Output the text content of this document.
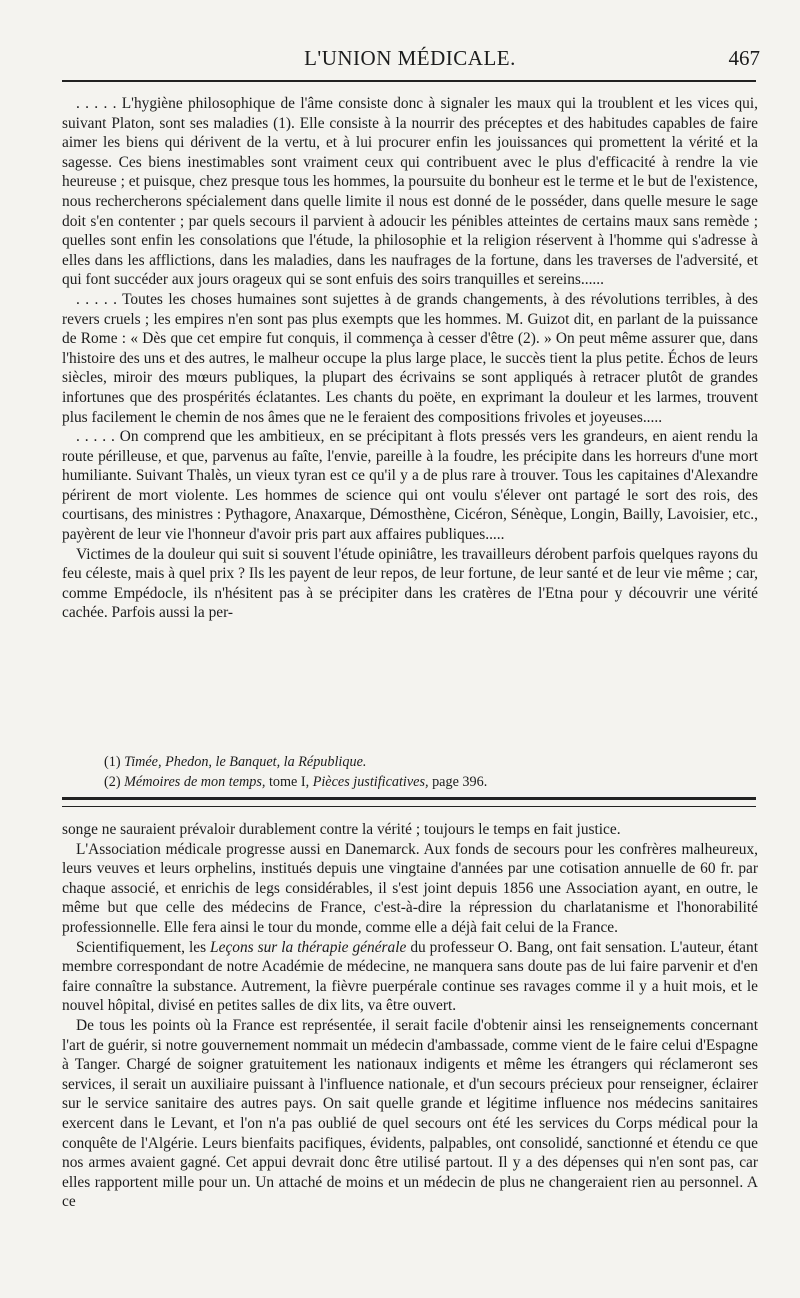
L'UNION MÉDICALE.	467

. . . . . L'hygiène philosophique de l'âme consiste donc à signaler les maux qui la troublent et les vices qui, suivant Platon, sont ses maladies (1). Elle consiste à la nourrir des préceptes et des habitudes capables de faire aimer les biens qui dérivent de la vertu, et à lui procurer enfin les jouissances qui promettent la vérité et la sagesse. Ces biens inestimables sont vraiment ceux qui contribuent avec le plus d'efficacité à rendre la vie heureuse ; et puisque, chez presque tous les hommes, la poursuite du bonheur est le terme et le but de l'existence, nous rechercherons spécialement dans quelle limite il nous est donné de le posséder, dans quelle mesure le sage doit s'en contenter ; par quels secours il parvient à adoucir les pénibles atteintes de certains maux sans remède ; quelles sont enfin les consolations que l'étude, la philosophie et la religion réservent à l'homme qui s'adresse à elles dans les afflictions, dans les maladies, dans les naufrages de la fortune, dans les traverses de l'adversité, et qui font succéder aux jours orageux qui se sont enfuis des soirs tranquilles et sereins......

. . . . . Toutes les choses humaines sont sujettes à de grands changements, à des révolutions terribles, à des revers cruels ; les empires n'en sont pas plus exempts que les hommes. M. Guizot dit, en parlant de la puissance de Rome : « Dès que cet empire fut conquis, il commença à cesser d'être (2). » On peut même assurer que, dans l'histoire des uns et des autres, le malheur occupe la plus large place, le succès tient la plus petite. Échos de leurs siècles, miroir des mœurs publiques, la plupart des écrivains se sont appliqués à retracer plutôt de grandes infortunes que des prospérités éclatantes. Les chants du poëte, en exprimant la douleur et les larmes, trouvent plus facilement le chemin de nos âmes que ne le feraient des compositions frivoles et joyeuses.....

. . . . . On comprend que les ambitieux, en se précipitant à flots pressés vers les grandeurs, en aient rendu la route périlleuse, et que, parvenus au faîte, l'envie, pareille à la foudre, les précipite dans les horreurs d'une mort humiliante. Suivant Thalès, un vieux tyran est ce qu'il y a de plus rare à trouver. Tous les capitaines d'Alexandre périrent de mort violente. Les hommes de science qui ont voulu s'élever ont partagé le sort des rois, des courtisans, des ministres : Pythagore, Anaxarque, Démosthène, Cicéron, Sénèque, Longin, Bailly, Lavoisier, etc., payèrent de leur vie l'honneur d'avoir pris part aux affaires publiques.....

Victimes de la douleur qui suit si souvent l'étude opiniâtre, les travailleurs dérobent parfois quelques rayons du feu céleste, mais à quel prix ? Ils les payent de leur repos, de leur fortune, de leur santé et de leur vie même ; car, comme Empédocle, ils n'hésitent pas à se précipiter dans les cratères de l'Etna pour y découvrir une vérité cachée. Parfois aussi la per-

(1) Timée, Phedon, le Banquet, la République.

(2) Mémoires de mon temps, tome I, Pièces justificatives, page 396.

songe ne sauraient prévaloir durablement contre la vérité ; toujours le temps en fait justice.

L'Association médicale progresse aussi en Danemarck. Aux fonds de secours pour les confrères malheureux, leurs veuves et leurs orphelins, institués depuis une vingtaine d'années par une cotisation annuelle de 60 fr. par chaque associé, et enrichis de legs considérables, il s'est joint depuis 1856 une Association ayant, en outre, le même but que celle des médecins de France, c'est-à-dire la répression du charlatanisme et l'honorabilité professionnelle. Elle fera ainsi le tour du monde, comme elle a déjà fait celui de la France.

Scientifiquement, les Leçons sur la thérapie générale du professeur O. Bang, ont fait sensation. L'auteur, étant membre correspondant de notre Académie de médecine, ne manquera sans doute pas de lui faire parvenir et d'en faire connaître la substance. Autrement, la fièvre puerpérale continue ses ravages comme il y a huit mois, et le nouvel hôpital, divisé en petites salles de dix lits, va être ouvert.

De tous les points où la France est représentée, il serait facile d'obtenir ainsi les renseignements concernant l'art de guérir, si notre gouvernement nommait un médecin d'ambassade, comme vient de le faire celui d'Espagne à Tanger. Chargé de soigner gratuitement les nationaux indigents et même les étrangers qui réclameront ses services, il serait un auxiliaire puissant à l'influence nationale, et d'un secours précieux pour renseigner, éclairer sur le service sanitaire des autres pays. On sait quelle grande et légitime influence nos médecins sanitaires exercent dans le Levant, et l'on n'a pas oublié de quel secours ont été les services du Corps médical pour la conquête de l'Algérie. Leurs bienfaits pacifiques, évidents, palpables, ont consolidé, sanctionné et étendu ce que nos armes avaient gagné. Cet appui devrait donc être utilisé partout. Il y a des dépenses qui n'en sont pas, car elles rapportent mille pour un. Un attaché de moins et un médecin de plus ne changeraient rien au personnel. A ce
